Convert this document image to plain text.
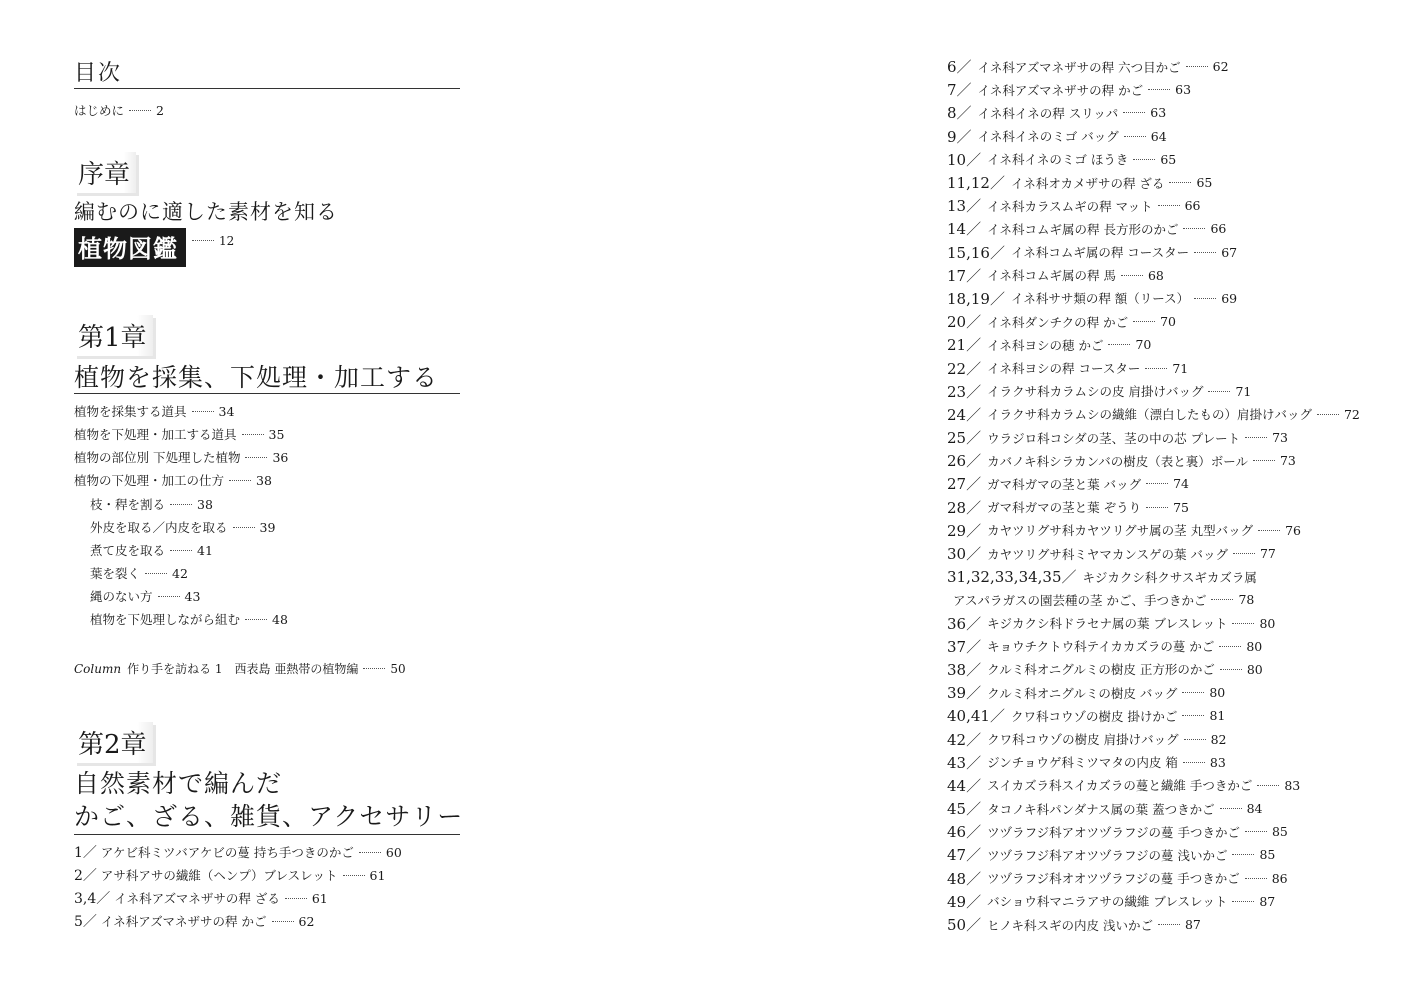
目次
はじめに	2
序章
編むのに適した素材を知る
植物図鑑	12
第1章
植物を採集、下処理・加工する
植物を採集する道具	34
植物を下処理・加工する道具	35
植物の部位別 下処理した植物	36
植物の下処理・加工の仕方	38
枝・稈を割る	38
外皮を取る／内皮を取る	39
煮て皮を取る	41
葉を裂く	42
縄のない方	43
植物を下処理しながら組む	48
Column 作り手を訪ねる 1　西表島 亜熱帯の植物編	50
第2章
自然素材で編んだ
かご、ざる、雑貨、アクセサリー
1／ アケビ科ミツバアケビの蔓 持ち手つきのかご	60
2／ アサ科アサの繊維（ヘンプ）ブレスレット	61
3,4／ イネ科アズマネザサの稈 ざる	61
5／ イネ科アズマネザサの稈 かご	62
6／ イネ科アズマネザサの稈 六つ目かご	62
7／ イネ科アズマネザサの稈 かご	63
8／ イネ科イネの稈 スリッパ	63
9／ イネ科イネのミゴ バッグ	64
10／ イネ科イネのミゴ ほうき	65
11,12／ イネ科オカメザサの稈 ざる	65
13／ イネ科カラスムギの稈 マット	66
14／ イネ科コムギ属の稈 長方形のかご	66
15,16／ イネ科コムギ属の稈 コースター	67
17／ イネ科コムギ属の稈 馬	68
18,19／ イネ科ササ類の稈 額（リース）	69
20／ イネ科ダンチクの稈 かご	70
21／ イネ科ヨシの穂 かご	70
22／ イネ科ヨシの稈 コースター	71
23／ イラクサ科カラムシの皮 肩掛けバッグ	71
24／ イラクサ科カラムシの繊維（漂白したもの）肩掛けバッグ	72
25／ ウラジロ科コシダの茎、茎の中の芯 プレート	73
26／ カバノキ科シラカンバの樹皮（表と裏）ボール	73
27／ ガマ科ガマの茎と葉 バッグ	74
28／ ガマ科ガマの茎と葉 ぞうり	75
29／ カヤツリグサ科カヤツリグサ属の茎 丸型バッグ	76
30／ カヤツリグサ科ミヤマカンスゲの葉 バッグ	77
31,32,33,34,35／ キジカクシ科クサスギカズラ属
アスパラガスの園芸種の茎 かご、手つきかご	78
36／ キジカクシ科ドラセナ属の葉 ブレスレット	80
37／ キョウチクトウ科テイカカズラの蔓 かご	80
38／ クルミ科オニグルミの樹皮 正方形のかご	80
39／ クルミ科オニグルミの樹皮 バッグ	80
40,41／ クワ科コウゾの樹皮 掛けかご	81
42／ クワ科コウゾの樹皮 肩掛けバッグ	82
43／ ジンチョウゲ科ミツマタの内皮 箱	83
44／ スイカズラ科スイカズラの蔓と繊維 手つきかご	83
45／ タコノキ科パンダナス属の葉 蓋つきかご	84
46／ ツヅラフジ科アオツヅラフジの蔓 手つきかご	85
47／ ツヅラフジ科アオツヅラフジの蔓 浅いかご	85
48／ ツヅラフジ科オオツヅラフジの蔓 手つきかご	86
49／ バショウ科マニラアサの繊維 ブレスレット	87
50／ ヒノキ科スギの内皮 浅いかご	87
